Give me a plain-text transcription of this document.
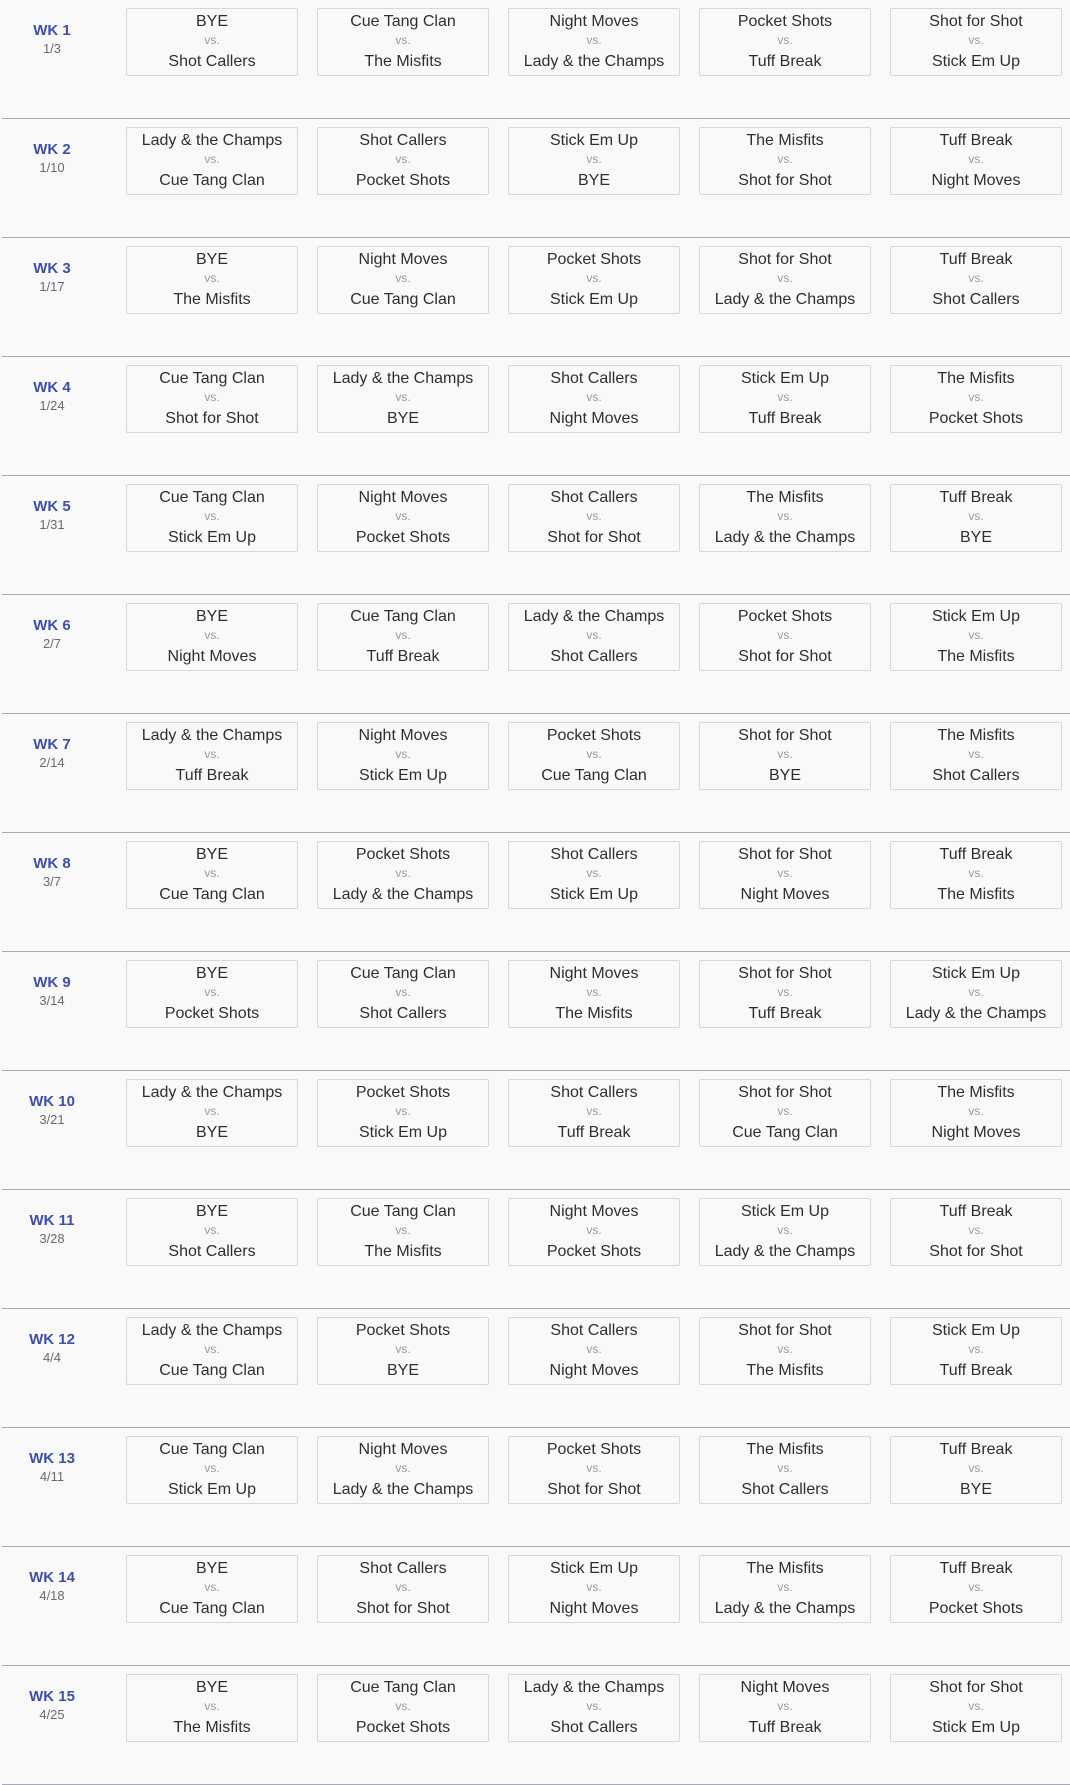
WK 1
1/3
BYE
vs.
Shot Callers
Cue Tang Clan
vs.
The Misfits
Night Moves
vs.
Lady & the Champs
Pocket Shots
vs.
Tuff Break
Shot for Shot
vs.
Stick Em Up
WK 2
1/10
Lady & the Champs
vs.
Cue Tang Clan
Shot Callers
vs.
Pocket Shots
Stick Em Up
vs.
BYE
The Misfits
vs.
Shot for Shot
Tuff Break
vs.
Night Moves
WK 3
1/17
BYE
vs.
The Misfits
Night Moves
vs.
Cue Tang Clan
Pocket Shots
vs.
Stick Em Up
Shot for Shot
vs.
Lady & the Champs
Tuff Break
vs.
Shot Callers
WK 4
1/24
Cue Tang Clan
vs.
Shot for Shot
Lady & the Champs
vs.
BYE
Shot Callers
vs.
Night Moves
Stick Em Up
vs.
Tuff Break
The Misfits
vs.
Pocket Shots
WK 5
1/31
Cue Tang Clan
vs.
Stick Em Up
Night Moves
vs.
Pocket Shots
Shot Callers
vs.
Shot for Shot
The Misfits
vs.
Lady & the Champs
Tuff Break
vs.
BYE
WK 6
2/7
BYE
vs.
Night Moves
Cue Tang Clan
vs.
Tuff Break
Lady & the Champs
vs.
Shot Callers
Pocket Shots
vs.
Shot for Shot
Stick Em Up
vs.
The Misfits
WK 7
2/14
Lady & the Champs
vs.
Tuff Break
Night Moves
vs.
Stick Em Up
Pocket Shots
vs.
Cue Tang Clan
Shot for Shot
vs.
BYE
The Misfits
vs.
Shot Callers
WK 8
3/7
BYE
vs.
Cue Tang Clan
Pocket Shots
vs.
Lady & the Champs
Shot Callers
vs.
Stick Em Up
Shot for Shot
vs.
Night Moves
Tuff Break
vs.
The Misfits
WK 9
3/14
BYE
vs.
Pocket Shots
Cue Tang Clan
vs.
Shot Callers
Night Moves
vs.
The Misfits
Shot for Shot
vs.
Tuff Break
Stick Em Up
vs.
Lady & the Champs
WK 10
3/21
Lady & the Champs
vs.
BYE
Pocket Shots
vs.
Stick Em Up
Shot Callers
vs.
Tuff Break
Shot for Shot
vs.
Cue Tang Clan
The Misfits
vs.
Night Moves
WK 11
3/28
BYE
vs.
Shot Callers
Cue Tang Clan
vs.
The Misfits
Night Moves
vs.
Pocket Shots
Stick Em Up
vs.
Lady & the Champs
Tuff Break
vs.
Shot for Shot
WK 12
4/4
Lady & the Champs
vs.
Cue Tang Clan
Pocket Shots
vs.
BYE
Shot Callers
vs.
Night Moves
Shot for Shot
vs.
The Misfits
Stick Em Up
vs.
Tuff Break
WK 13
4/11
Cue Tang Clan
vs.
Stick Em Up
Night Moves
vs.
Lady & the Champs
Pocket Shots
vs.
Shot for Shot
The Misfits
vs.
Shot Callers
Tuff Break
vs.
BYE
WK 14
4/18
BYE
vs.
Cue Tang Clan
Shot Callers
vs.
Shot for Shot
Stick Em Up
vs.
Night Moves
The Misfits
vs.
Lady & the Champs
Tuff Break
vs.
Pocket Shots
WK 15
4/25
BYE
vs.
The Misfits
Cue Tang Clan
vs.
Pocket Shots
Lady & the Champs
vs.
Shot Callers
Night Moves
vs.
Tuff Break
Shot for Shot
vs.
Stick Em Up
